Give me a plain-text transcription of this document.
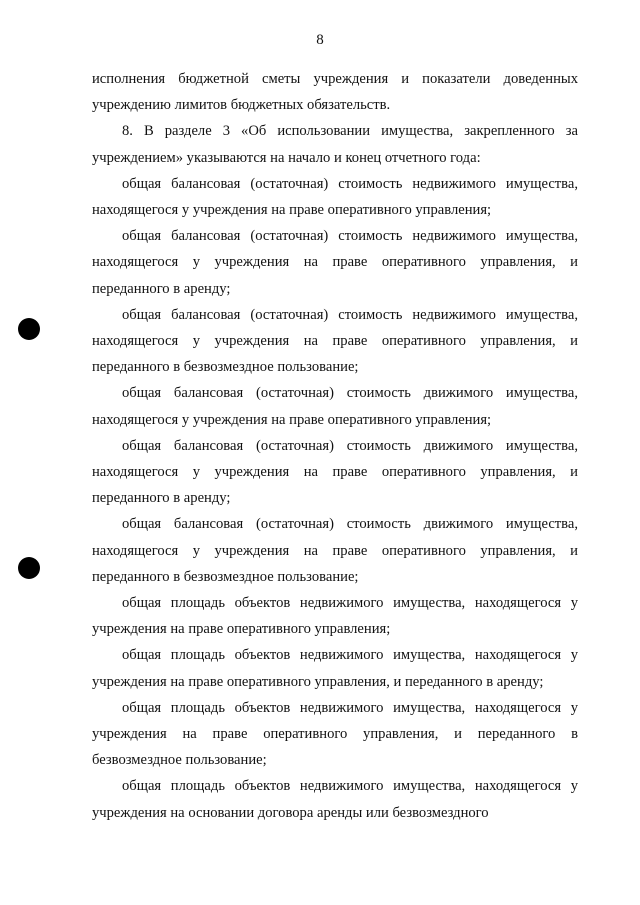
8

исполнения бюджетной сметы учреждения и показатели доведенных учреждению лимитов бюджетных обязательств.

8. В разделе 3 «Об использовании имущества, закрепленного за учреждением» указываются на начало и конец отчетного года:

общая балансовая (остаточная) стоимость недвижимого имущества, находящегося у учреждения на праве оперативного управления;

общая балансовая (остаточная) стоимость недвижимого имущества, находящегося у учреждения на праве оперативного управления, и переданного в аренду;

общая балансовая (остаточная) стоимость недвижимого имущества, находящегося у учреждения на праве оперативного управления, и переданного в безвозмездное пользование;

общая балансовая (остаточная) стоимость движимого имущества, находящегося у учреждения на праве оперативного управления;

общая балансовая (остаточная) стоимость движимого имущества, находящегося у учреждения на праве оперативного управления, и переданного в аренду;

общая балансовая (остаточная) стоимость движимого имущества, находящегося у учреждения на праве оперативного управления, и переданного в безвозмездное пользование;

общая площадь объектов недвижимого имущества, находящегося у учреждения на праве оперативного управления;

общая площадь объектов недвижимого имущества, находящегося у учреждения на праве оперативного управления, и переданного в аренду;

общая площадь объектов недвижимого имущества, находящегося у учреждения на праве оперативного управления, и переданного в безвозмездное пользование;

общая площадь объектов недвижимого имущества, находящегося у учреждения на основании договора аренды или безвозмездного
